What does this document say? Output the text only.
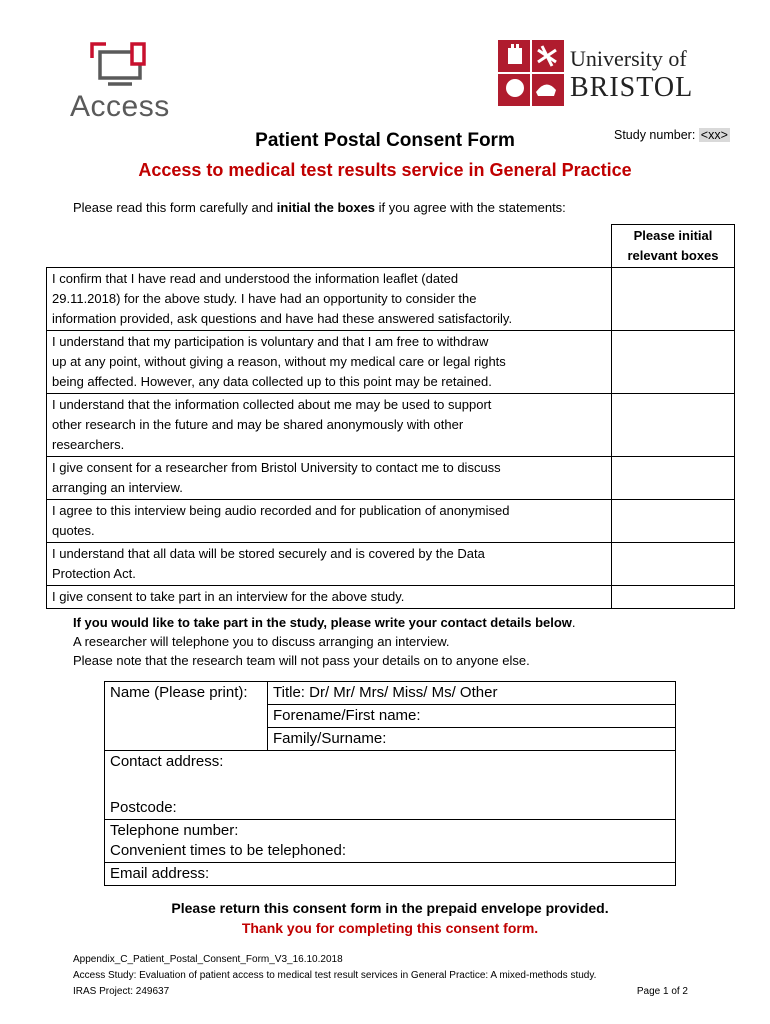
Access
University of
BRISTOL
Study number: <xx>
Patient Postal Consent Form
Access to medical test results service in General Practice
Please read this form carefully and initial the boxes if you agree with the statements:

	Please initial
relevant boxes

I confirm that I have read and understood the information leaflet (dated
29.11.2018) for the above study. I have had an opportunity to consider the
information provided, ask questions and have had these answered satisfactorily.	

I understand that my participation is voluntary and that I am free to withdraw
up at any point, without giving a reason, without my medical care or legal rights
being affected. However, any data collected up to this point may be retained.	

I understand that the information collected about me may be used to support
other research in the future and may be shared anonymously with other
researchers.	

I give consent for a researcher from Bristol University to contact me to discuss
arranging an interview.	

I agree to this interview being audio recorded and for publication of anonymised
quotes.	

I understand that all data will be stored securely and is covered by the Data
Protection Act.	

I give consent to take part in an interview for the above study.	

If you would like to take part in the study, please write your contact details below.
A researcher will telephone you to discuss arranging an interview.
Please note that the research team will not pass your details on to anyone else.
Name (Please print):	Title: Dr/ Mr/ Mrs/ Miss/ Ms/ Other
Forename/First name:
Family/Surname:

Contact address:
Postcode:

Telephone number:
Convenient times to be telephoned:

Email address:
Please return this consent form in the prepaid envelope provided.
Thank you for completing this consent form.
Appendix_C_Patient_Postal_Consent_Form_V3_16.10.2018
Access Study: Evaluation of patient access to medical test result services in General Practice: A mixed-methods study.
IRAS Project: 249637	Page 1 of 2
